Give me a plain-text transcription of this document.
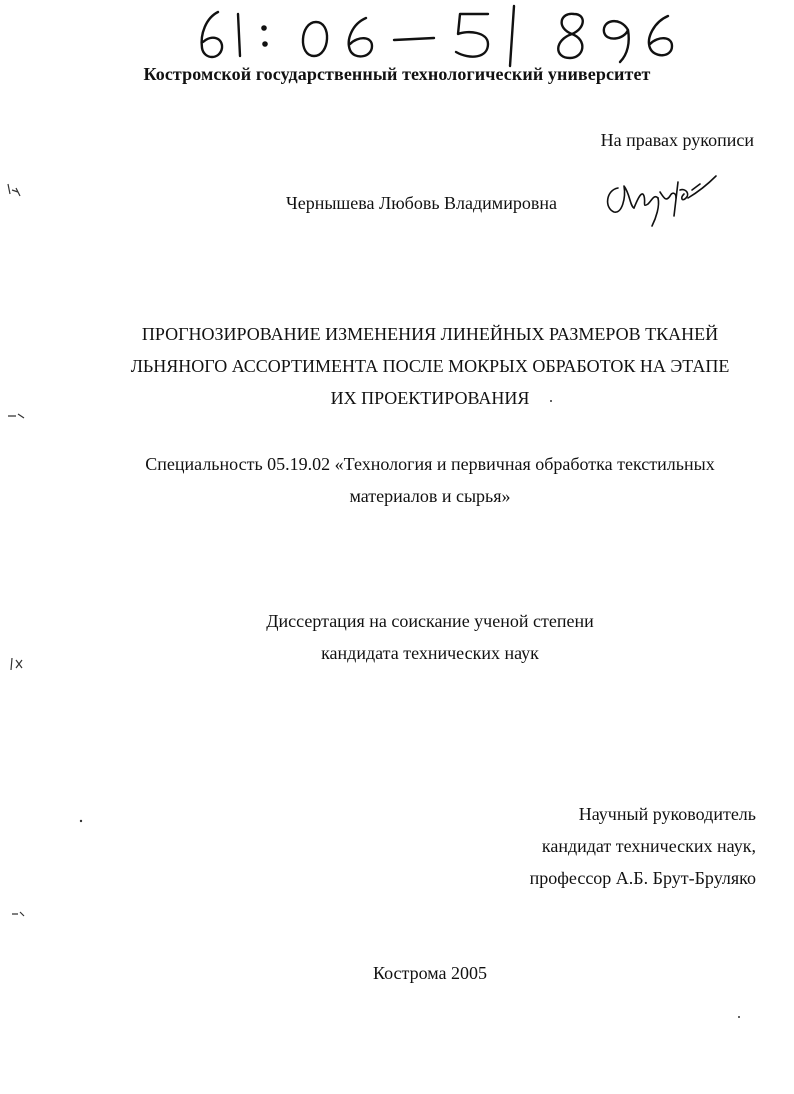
Костромской государственный технологический университет
На правах рукописи
Чернышева Любовь Владимировна
ПРОГНОЗИРОВАНИЕ ИЗМЕНЕНИЯ ЛИНЕЙНЫХ РАЗМЕРОВ ТКАНЕЙ
ЛЬНЯНОГО АССОРТИМЕНТА ПОСЛЕ МОКРЫХ ОБРАБОТОК НА ЭТАПЕ
ИХ ПРОЕКТИРОВАНИЯ
Специальность 05.19.02 «Технология и первичная обработка текстильных
материалов и сырья»
Диссертация на соискание ученой степени
кандидата технических наук
Научный руководитель
кандидат технических наук,
профессор А.Б. Брут-Бруляко
Кострома 2005
